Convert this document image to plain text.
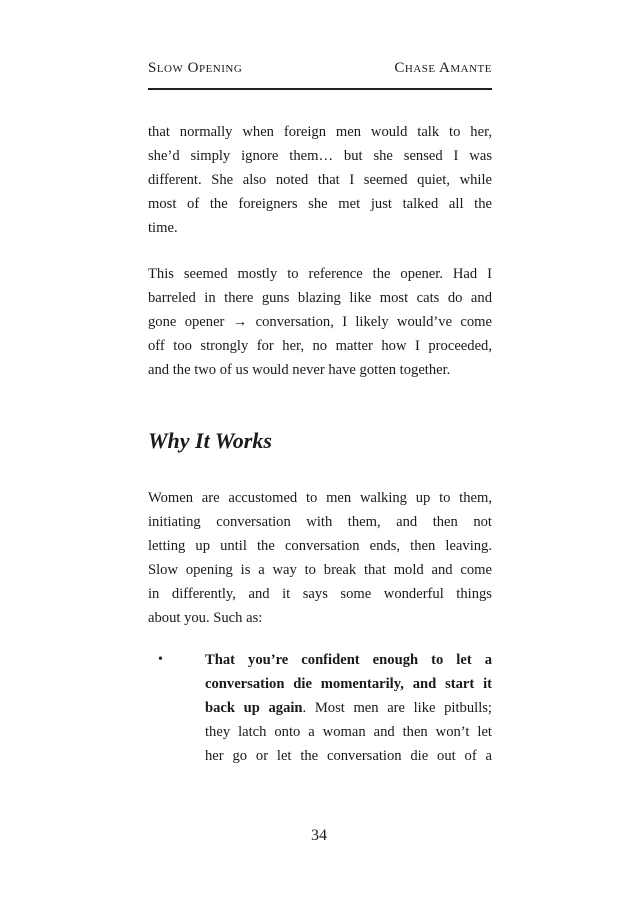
Slow Opening	Chase Amante
that normally when foreign men would talk to her,
she’d simply ignore them… but she sensed I was
different. She also noted that I seemed quiet, while
most of the foreigners she met just talked all the
time.
This seemed mostly to reference the opener. Had I
barreled in there guns blazing like most cats do and
gone opener → conversation, I likely would’ve come
off too strongly for her, no matter how I proceeded,
and the two of us would never have gotten together.
Why It Works
Women are accustomed to men walking up to them,
initiating conversation with them, and then not
letting up until the conversation ends, then leaving.
Slow opening is a way to break that mold and come
in differently, and it says some wonderful things
about you. Such as:
•	That you’re confident enough to let a
conversation die momentarily, and start it
back up again. Most men are like pitbulls;
they latch onto a woman and then won’t let
her go or let the conversation die out of a
34
